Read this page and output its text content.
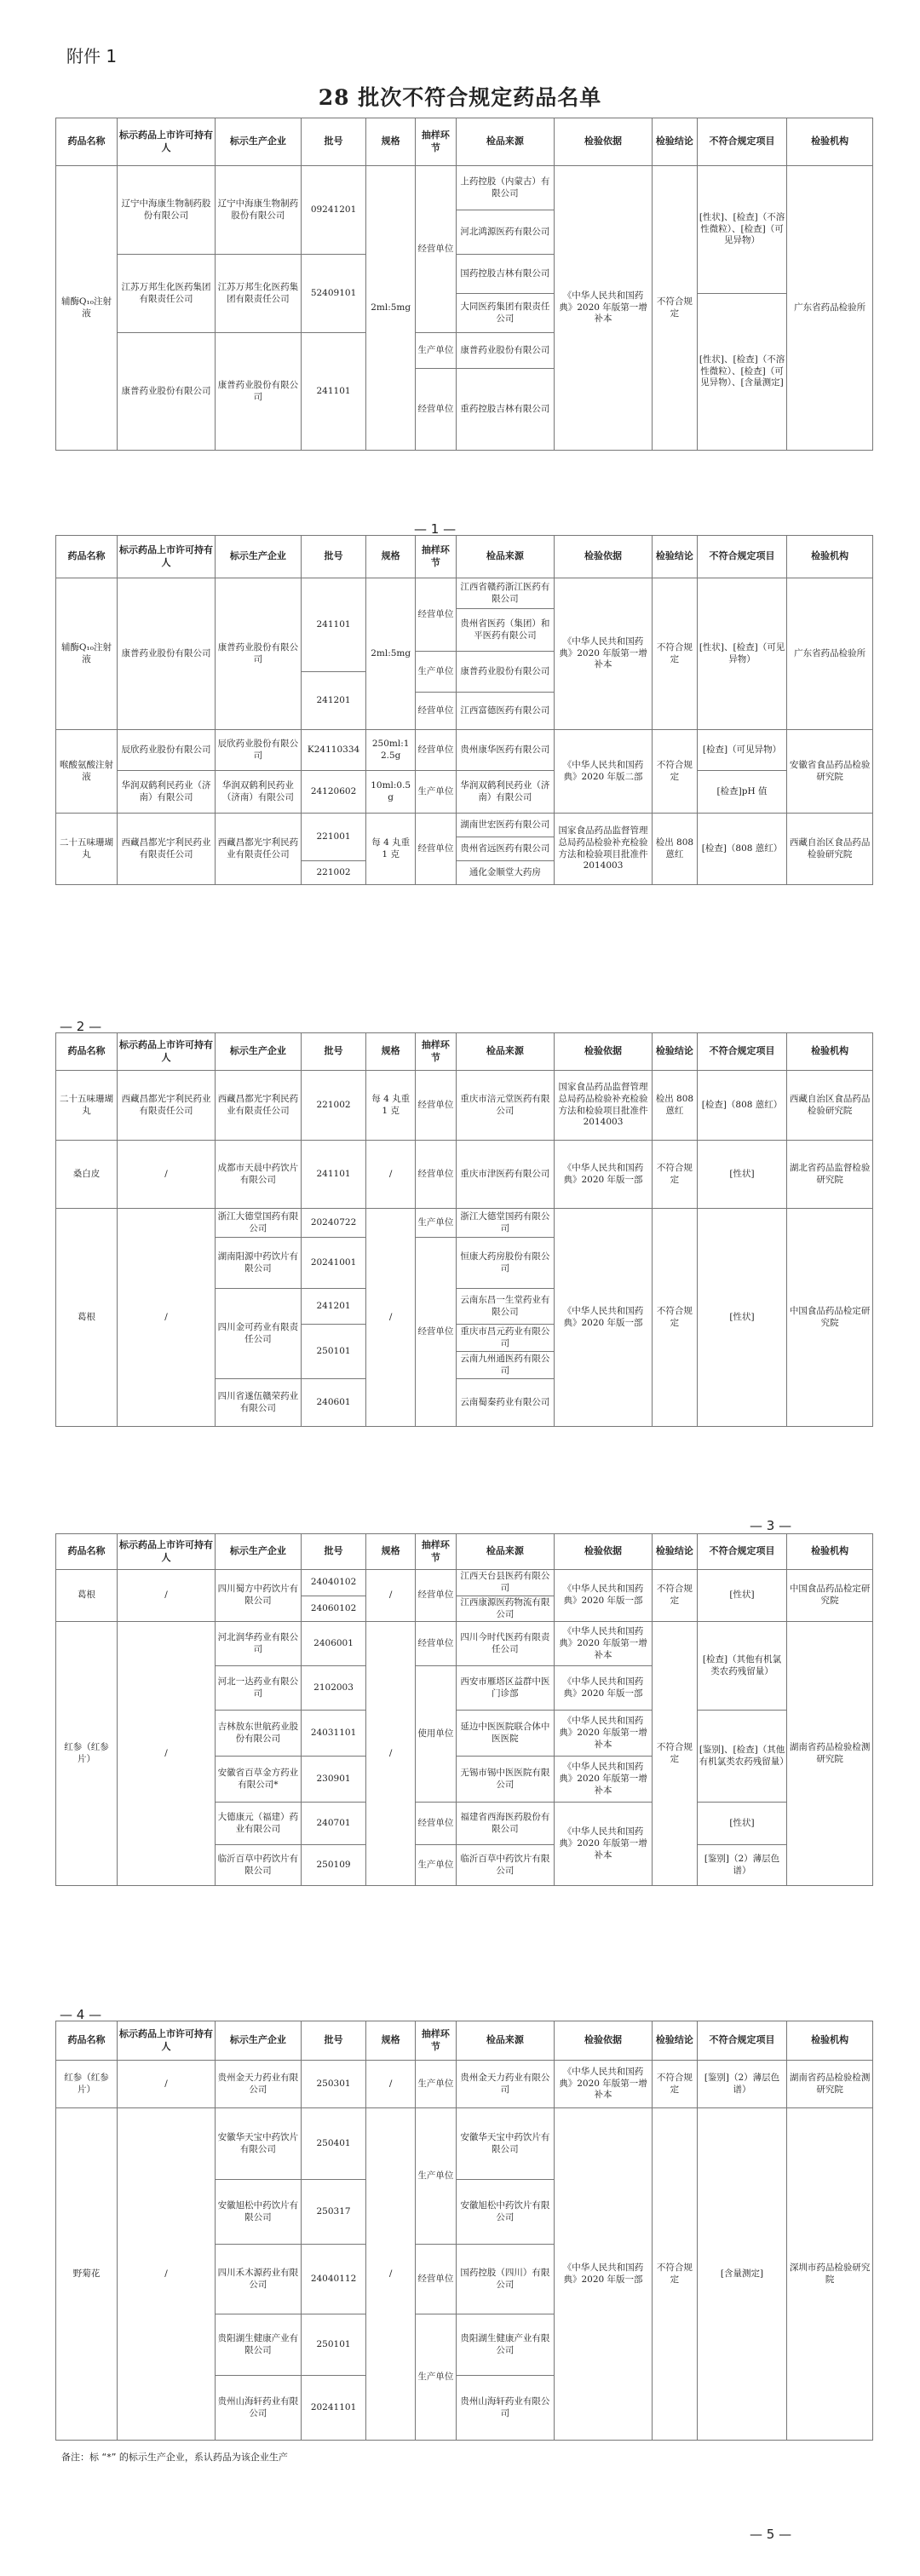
附件 1
28 批次不符合规定药品名单
药品名称	标示药品上市许可持有人	标示生产企业	批号	规格	抽样环节	检品来源	检验依据	检验结论	不符合规定项目	检验机构
辅酶Q₁₀注射液	辽宁中海康生物制药股份有限公司	辽宁中海康生物制药股份有限公司	09241201	2ml:5mg	经营单位	上药控股（内蒙古）有限公司	《中华人民共和国药典》2020 年版第一增补本	不符合规定	[性状]、[检查]（不溶性微粒）、[检查]（可见异物）	广东省药品检验所
						河北鸿源医药有限公司				
	江苏万邦生化医药集团有限责任公司	江苏万邦生化医药集团有限责任公司	52409101			国药控股吉林有限公司				
						大同医药集团有限责任公司			[性状]、[检查]（不溶性微粒）、[检查]（可见异物）、[含量测定]	
	康普药业股份有限公司	康普药业股份有限公司	241101		生产单位	康普药业股份有限公司				
					经营单位	重药控股吉林有限公司				

— 1 —
药品名称	标示药品上市许可持有人	标示生产企业	批号	规格	抽样环节	检品来源	检验依据	检验结论	不符合规定项目	检验机构
辅酶Q₁₀注射液	康普药业股份有限公司	康普药业股份有限公司	241101	2ml:5mg	经营单位	江西省赣药浙江医药有限公司	《中华人民共和国药典》2020 年版第一增补本	不符合规定	[性状]、[检查]（可见异物）	广东省药品检验所
						贵州省医药（集团）和平医药有限公司				
					生产单位	康普药业股份有限公司				
			241201							
					经营单位	江西富德医药有限公司				

喉酸氨酸注射液	辰欣药业股份有限公司	辰欣药业股份有限公司	K24110334	250ml:12.5g	经营单位	贵州康华医药有限公司	《中华人民共和国药典》2020 年版二部	不符合规定	[检查]（可见异物）	安徽省食品药品检验研究院
	华润双鹤利民药业（济南）有限公司	华润双鹤利民药业（济南）有限公司	24120602	10ml:0.5g	生产单位	华润双鹤利民药业（济南）有限公司			[检查]pH 值	
二十五味珊瑚丸	西藏昌都光宇利民药业有限责任公司	西藏昌都光宇利民药业有限责任公司	221001	每 4 丸重 1 克	经营单位	湖南世宏医药有限公司	国家食品药品监督管理总局药品检验补充检验方法和检验项目批准件 2014003	检出 808 蒽红	[检查]（808 蒽红）	西藏自治区食品药品检验研究院
						贵州省远医药有限公司				
			221002			通化金顺堂大药房				
— 2 —
药品名称	标示药品上市许可持有人	标示生产企业	批号	规格	抽样环节	检品来源	检验依据	检验结论	不符合规定项目	检验机构
二十五味珊瑚丸	西藏昌都光宇利民药业有限责任公司	西藏昌都光宇利民药业有限责任公司	221002	每 4 丸重 1 克	经营单位	重庆市涪元堂医药有限公司	国家食品药品监督管理总局药品检验补充检验方法和检验项目批准件 2014003	检出 808 蒽红	[检查]（808 蒽红）	西藏自治区食品药品检验研究院
桑白皮	/	成都市天晨中药饮片有限公司	241101	/	经营单位	重庆市津医药有限公司	《中华人民共和国药典》2020 年版一部	不符合规定	[性状]	湖北省药品监督检验研究院
葛根	/	浙江大德堂国药有限公司	20240722	/	生产单位	浙江大德堂国药有限公司	《中华人民共和国药典》2020 年版一部	不符合规定	[性状]	中国食品药品检定研究院
		湖南阳源中药饮片有限公司	20241001		经营单位	恒康大药房股份有限公司				

		四川金可药业有限责任公司	241201			云南东昌一生堂药业有限公司				
			250101			重庆市昌元药业有限公司				
						云南九州通医药有限公司				
		四川省遂伍赣荣药业有限公司	240601			云南蜀秦药业有限公司				

— 3 —
药品名称	标示药品上市许可持有人	标示生产企业	批号	规格	抽样环节	检品来源	检验依据	检验结论	不符合规定项目	检验机构
葛根	/	四川蜀方中药饮片有限公司	24040102	/	经营单位	江西天台县医药有限公司	《中华人民共和国药典》2020 年版一部	不符合规定	[性状]	中国食品药品检定研究院
			24060102			江西康源医药物流有限公司				
红参（红参片）	/	河北润华药业有限公司	2406001	/	经营单位	四川今时代医药有限责任公司	《中华人民共和国药典》2020 年版第一增补本	不符合规定	[检查]（其他有机氯类农药残留量）	湖南省药品检验检测研究院
		河北一达药业有限公司	2102003		使用单位	西安市雁塔区益群中医门诊部	《中华人民共和国药典》2020 年版一部			
		吉林敖东世航药业股份有限公司	24031101			延边中医医院联合体中医医院	《中华人民共和国药典》2020 年版第一增补本		[鉴别]、[检查]（其他有机氯类农药残留量）	
		安徽省百草金方药业有限公司*	230901			无锡市锡中医医院有限公司	《中华人民共和国药典》2020 年版第一增补本			
		大德康元（福建）药业有限公司	240701		经营单位	福建省西海医药股份有限公司	《中华人民共和国药典》2020 年版第一增补本		[性状]	
		临沂百草中药饮片有限公司	250109		生产单位	临沂百草中药饮片有限公司			[鉴别]（2）薄层色谱）	
— 4 —
药品名称	标示药品上市许可持有人	标示生产企业	批号	规格	抽样环节	检品来源	检验依据	检验结论	不符合规定项目	检验机构
红参（红参片）	/	贵州金天力药业有限公司	250301	/	生产单位	贵州金天力药业有限公司	《中华人民共和国药典》2020 年版第一增补本	不符合规定	[鉴别]（2）薄层色谱）	湖南省药品检验检测研究院
野菊花	/	安徽华天宝中药饮片有限公司	250401	/	生产单位	安徽华天宝中药饮片有限公司	《中华人民共和国药典》2020 年版一部	不符合规定	[含量测定]	深圳市药品检验研究院
		安徽旭松中药饮片有限公司	250317			安徽旭松中药饮片有限公司				
		四川禾木源药业有限公司	24040112		经营单位	国药控股（四川）有限公司				
		贵阳湖生健康产业有限公司	250101		生产单位	贵阳湖生健康产业有限公司				
		贵州山海轩药业有限公司	20241101			贵州山海轩药业有限公司				
备注：标 “*” 的标示生产企业，系认药品为该企业生产
— 5 —
